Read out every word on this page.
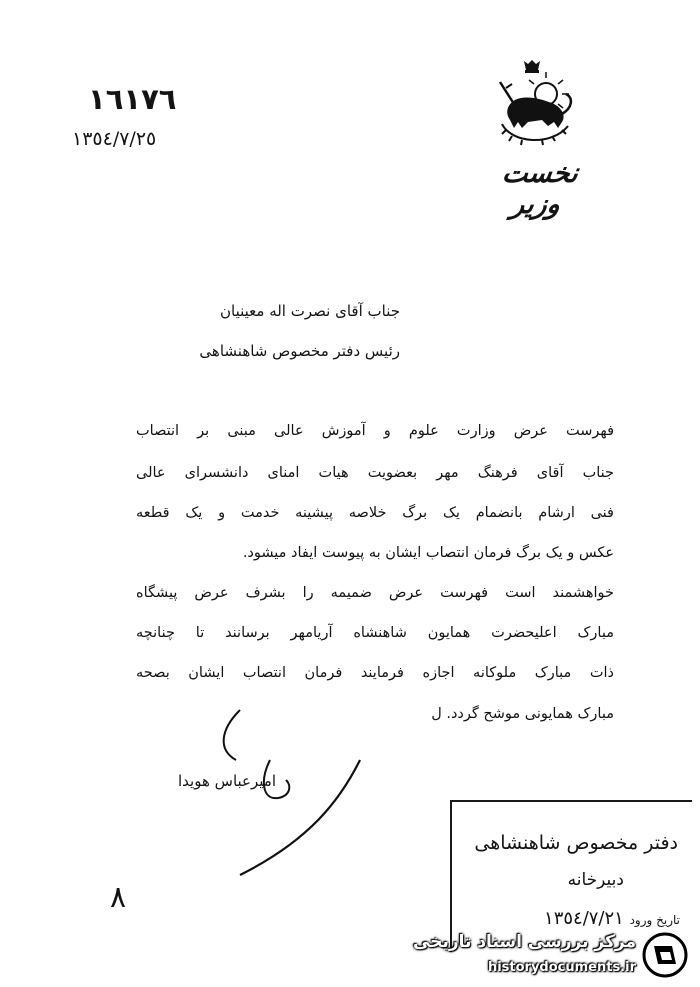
١٦١٧٦
١٣٥٤/٧/٢٥
نخست وزیر
جناب آقای نصرت اله معینیان
رئیس دفتر مخصوص شاهنشاهی
فهرست عرض وزارت علوم و آموزش عالی مبنی بر انتصاب
جناب آقای فرهنگ مهر بعضویت هیات امنای دانشسرای عالی
فنی ارشام بانضمام یک برگ خلاصه پیشینه خدمت و یک قطعه
عکس و یک برگ فرمان انتصاب ایشان به پیوست ایفاد میشود.
خواهشمند است فهرست عرض ضمیمه را بشرف عرض پیشگاه
مبارک اعلیحضرت همایون شاهنشاه آریامهر برسانند تا چنانچه
ذات مبارک ملوکانه اجازه فرمایند فرمان انتصاب ایشان بصحه
مبارک همایونی موشح گردد. ل
امیرعباس هویدا
٨
دفتر مخصوص شاهنشاهی
دبیرخانه
تاریخ ورود ١٣٥٤/٧/٢١
مرکز بررسی اسناد تاریخی
historydocuments.ir
